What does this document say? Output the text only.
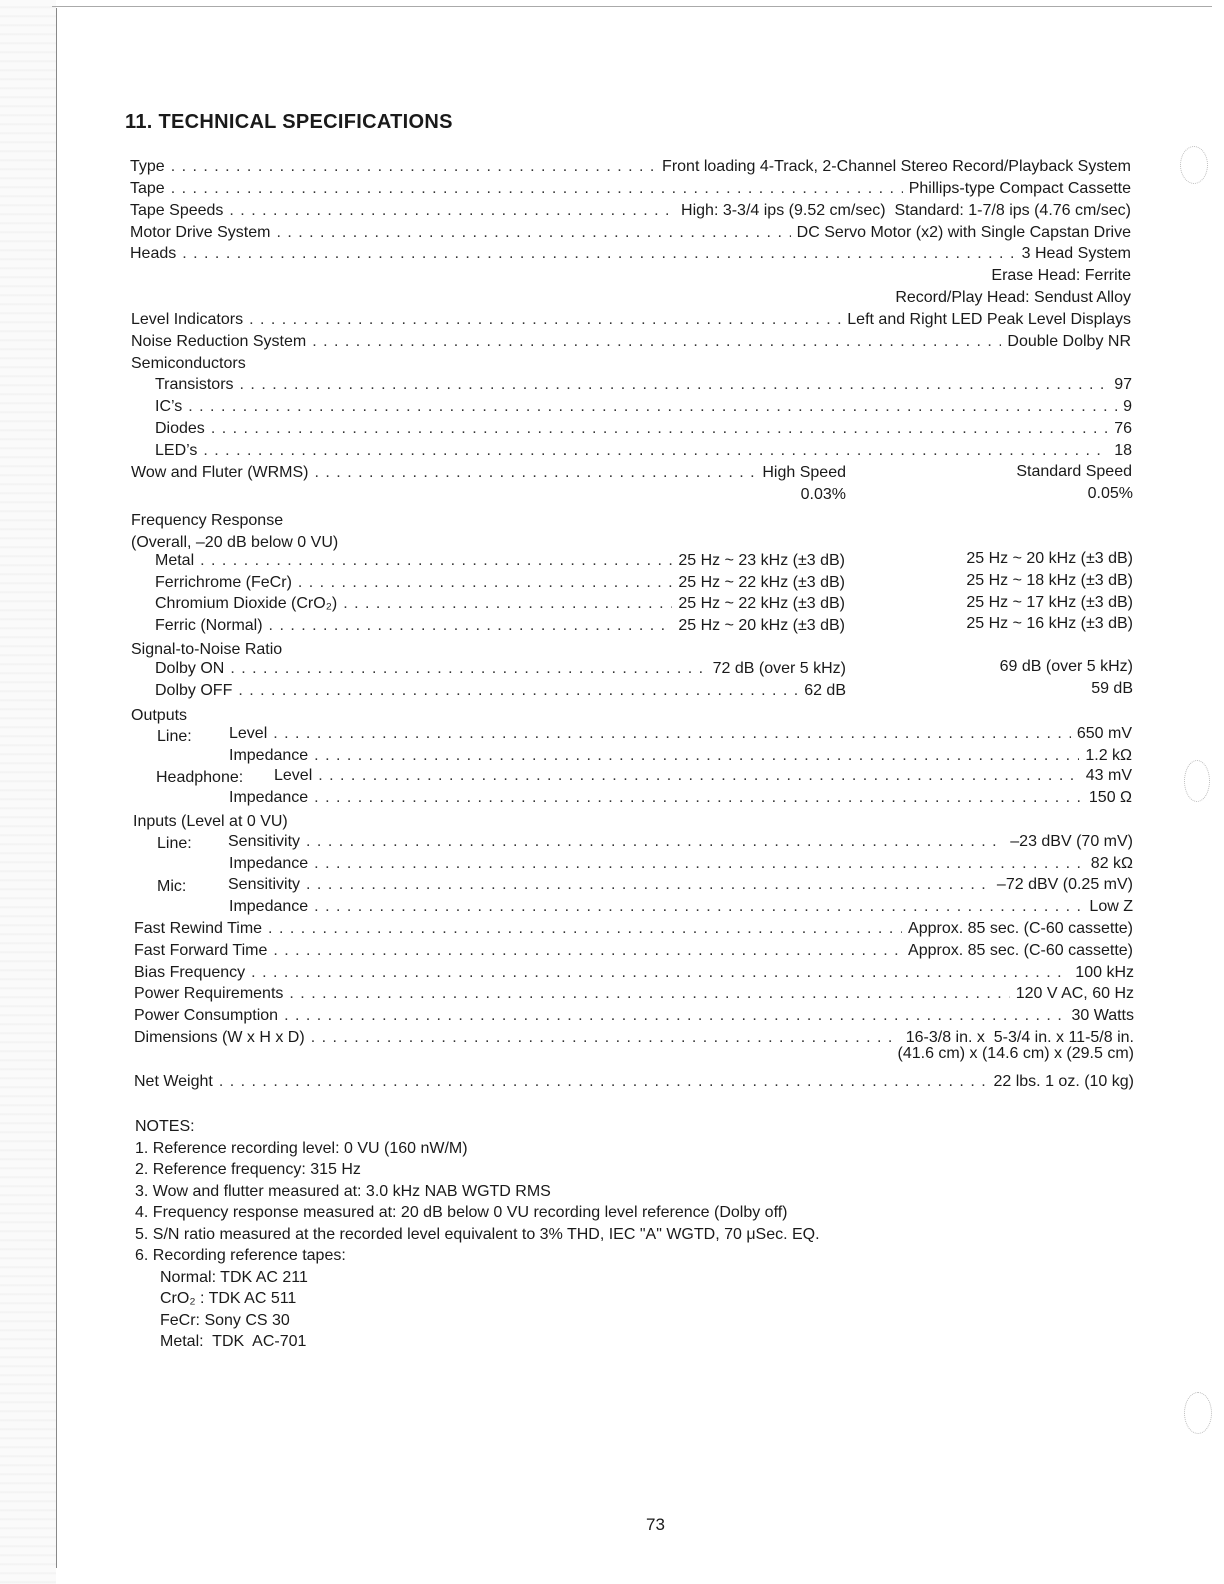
11. TECHNICAL SPECIFICATIONS
Type . . .	Front loading 4-Track, 2-Channel Stereo Record/Playback System
Tape . . .	Phillips-type Compact Cassette
Tape Speeds . . .	High: 3-3/4 ips (9.52 cm/sec)  Standard: 1-7/8 ips (4.76 cm/sec)
Motor Drive System . . .	DC Servo Motor (x2) with Single Capstan Drive
Heads . . .	3 Head System
Erase Head: Ferrite
Record/Play Head: Sendust Alloy
Level Indicators . . .	Left and Right LED Peak Level Displays
Noise Reduction System . . .	Double Dolby NR
Semiconductors
Transistors . . .	97
IC’s . . .	9
Diodes . . .	76
LED’s . . .	18
Wow and Fluter (WRMS) . . .	High Speed	Standard Speed
0.03%	0.05%
Frequency Response
(Overall, –20 dB below 0 VU)
Metal . . .	25 Hz ~ 23 kHz (±3 dB)	25 Hz ~ 20 kHz (±3 dB)
Ferrichrome (FeCr) . . .	25 Hz ~ 22 kHz (±3 dB)	25 Hz ~ 18 kHz (±3 dB)
Chromium Dioxide (CrO₂) . . .	25 Hz ~ 22 kHz (±3 dB)	25 Hz ~ 17 kHz (±3 dB)
Ferric (Normal) . . .	25 Hz ~ 20 kHz (±3 dB)	25 Hz ~ 16 kHz (±3 dB)
Signal-to-Noise Ratio
Dolby ON . . .	72 dB (over 5 kHz)	69 dB (over 5 kHz)
Dolby OFF . . .	62 dB	59 dB
Outputs
Line: Level . . .	650 mV
Impedance . . .	1.2 kΩ
Headphone: Level . . .	43 mV
Impedance . . .	150 Ω
Inputs (Level at 0 VU)
Line: Sensitivity . . .	–23 dBV (70 mV)
Impedance . . .	82 kΩ
Mic:	Sensitivity . . .	–72 dBV (0.25 mV)
Impedance . . .	Low Z
Fast Rewind Time . . .	Approx. 85 sec. (C-60 cassette)
Fast Forward Time . . .	Approx. 85 sec. (C-60 cassette)
Bias Frequency . . .	100 kHz
Power Requirements . . .	120 V AC, 60 Hz
Power Consumption . . .	30 Watts
Dimensions (W x H x D) . . .	16-3/8 in. x  5-3/4 in. x 11-5/8 in.
(41.6 cm) x (14.6 cm) x (29.5 cm)
Net Weight . . .	22 lbs. 1 oz. (10 kg)
NOTES:
1. Reference recording level: 0 VU (160 nW/M)
2. Reference frequency: 315 Hz
3. Wow and flutter measured at: 3.0 kHz NAB WGTD RMS
4. Frequency response measured at: 20 dB below 0 VU recording level reference (Dolby off)
5. S/N ratio measured at the recorded level equivalent to 3% THD, IEC "A" WGTD, 70 μSec. EQ.
6. Recording reference tapes:
Normal: TDK AC 211
CrO₂ : TDK AC 511
FeCr: Sony CS 30
Metal:  TDK  AC-701
73
